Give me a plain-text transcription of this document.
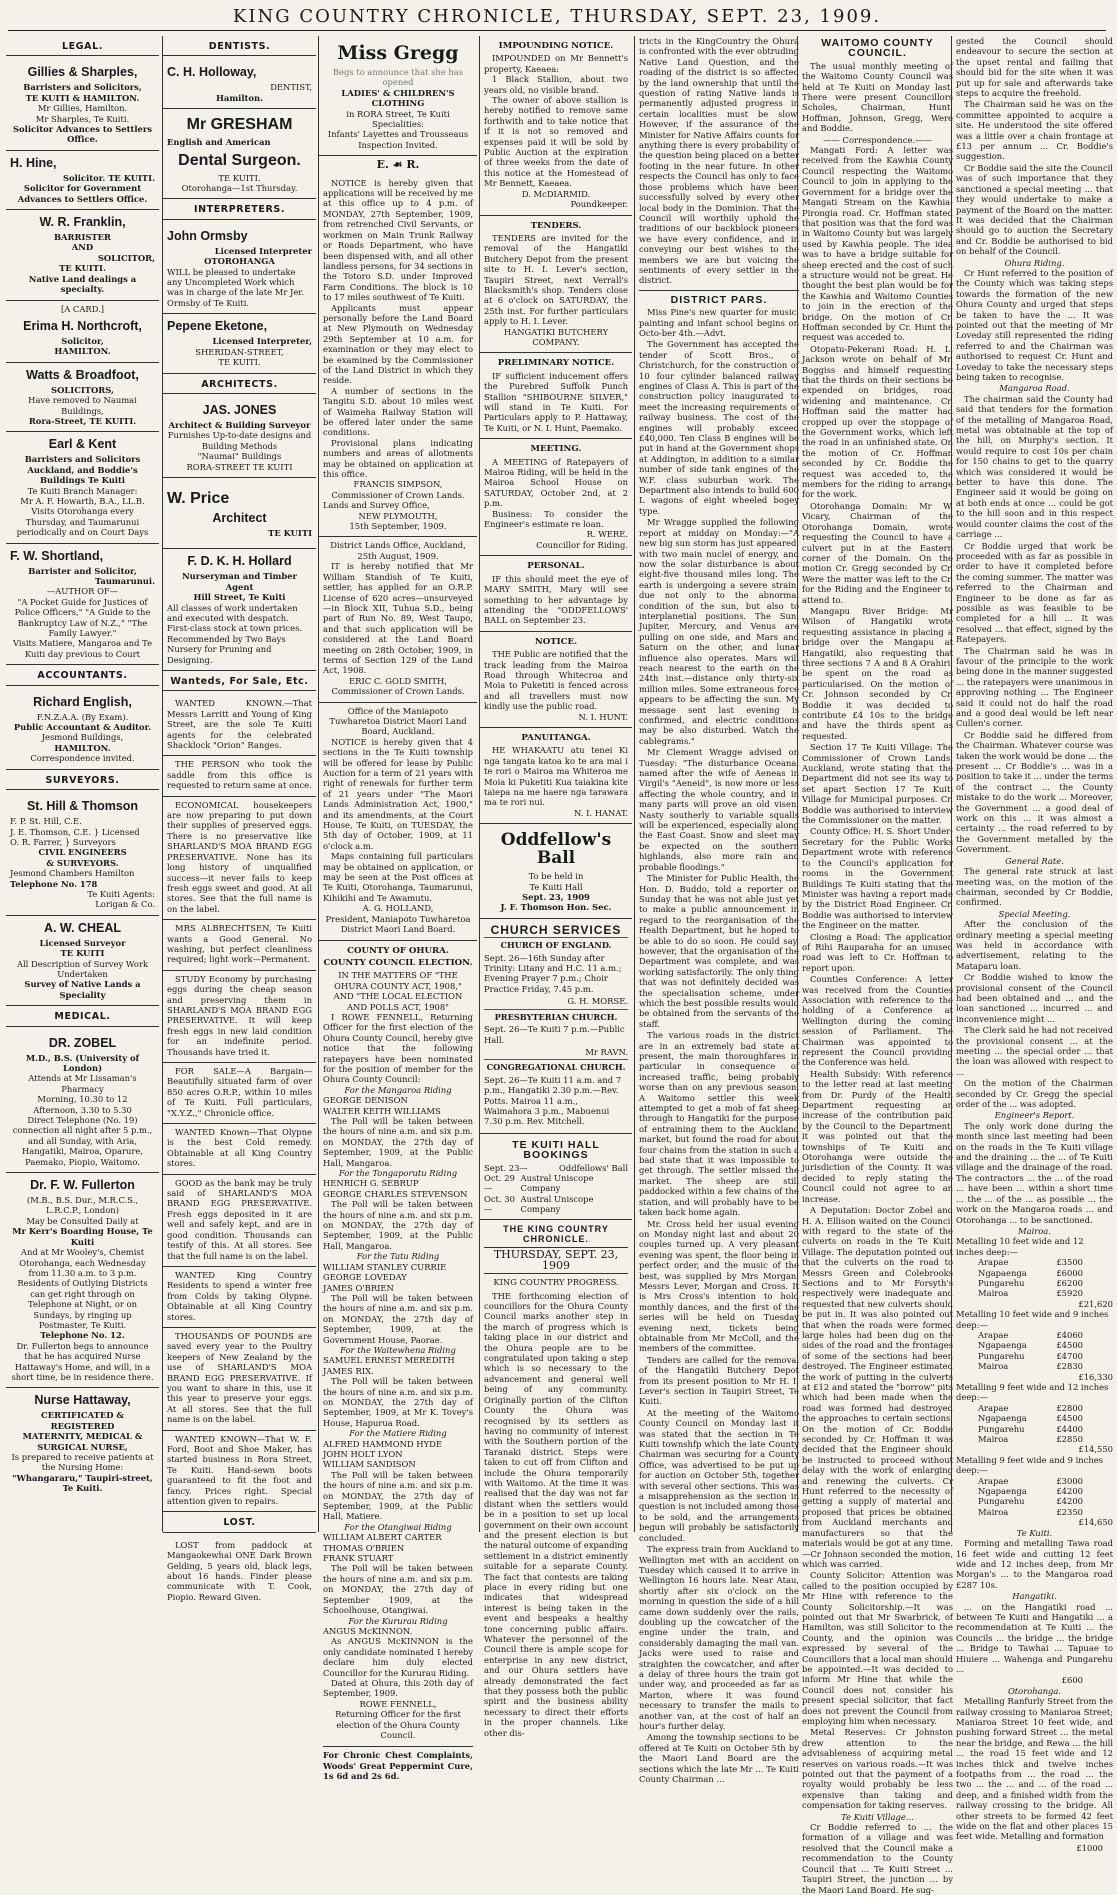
KING COUNTRY CHRONICLE, THURSDAY, SEPT. 23, 1909.
LEGAL.
Gillies & Sharples,
Barristers and Solicitors,
TE KUITI & HAMILTON.
Mr Gillies, Hamilton.
Mr Sharples, Te Kuiti.
Solicitor Advances to Settlers Office.
H. Hine,
Solicitor. TE KUITI.
Solicitor for Government Advances to Settlers Office.
W. R. Franklin,
BARRISTER
AND
SOLICITOR,
TE KUITI.
Native Land dealings a specialty.
[A CARD.]
Erima H. Northcroft,
Solicitor,
HAMILTON.
Watts & Broadfoot,
SOLICITORS,
Have removed to Naumai Buildings,
Rora-Street, TE KUITI.
Earl & Kent
Barristers and Solicitors
Auckland, and Boddie's Buildings Te Kuiti
Te Kuiti Branch Manager:
Mr A. F. Howarth, B.A., LL.B.
Visits Otorohanga every Thursday, and Taumarunui periodically and on Court Days
F. W. Shortland,
Barrister and Solicitor,
Taumarunui.
—AUTHOR OF—
"A Pocket Guide for Justices of Police Officers," "A Guide to the Bankruptcy Law of N.Z.," "The Family Lawyer."
Visits Matiere, Mangaroa and Te Kuiti day previous to Court
ACCOUNTANTS.
Richard English,
F.N.Z.A.A. (By Exam).
Public Accountant & Auditor.
Jesmond Buildings,
HAMILTON.
Correspondence invited.
SURVEYORS.
St. Hill & Thomson
F. P. St. Hill, C.E.
J. E. Thomson, C.E. } Licensed
O. R. Farrer, } Surveyors
CIVIL ENGINEERS
& SURVEYORS.
Jesmond Chambers Hamilton
Telephone No. 178
Te Kuiti Agents:
Lorigan & Co.
A. W. CHEAL
Licensed Surveyor
TE KUITI
All Description of Survey Work Undertaken
Survey of Native Lands a Speciality
MEDICAL.
DR. ZOBEL
M.D., B.S. (University of London)
Attends at Mr Lissaman's Pharmacy
Morning, 10.30 to 12
Afternoon, 3.30 to 5.30
Direct Telephone (No. 19) connection all night after 5 p.m., and all Sunday, with Aria, Hangatiki, Mairoa, Oparure, Paemako, Piopio, Waitomo.
Dr. F. W. Fullerton
(M.B., B.S. Dur., M.R.C.S., L.R.C.P., London)
May be Consulted Daily at
Mr Kerr's Boarding House, Te Kuiti
And at Mr Wooley's, Chemist Otorohanga, each Wednesday from 11.30 a.m. to 3 p.m.
Residents of Outlying Districts can get right through on Telephone at Night, or on Sundays, by ringing up Postmaster, Te Kuiti.
Telephone No. 12.
Dr. Fullerton begs to announce that he has acquired Nurse Hattaway's Home, and will, in a short time, be in residence there.
Nurse Hattaway,
CERTIFICATED & REGISTERED
MATERNITY, MEDICAL & SURGICAL NURSE,
Is prepared to receive patients at the Nursing Home:
"Whangararu," Taupiri-street, Te Kuiti.
DENTISTS.
C. H. Holloway,
DENTIST,
Hamilton.
Mr GRESHAM
English and American
Dental Surgeon.
TE KUITI.
Otorohanga—1st Thursday.
INTERPRETERS.
John Ormsby
Licensed Interpreter
OTOROHANGA
WILL be pleased to undertake any Uncompleted Work which was in charge of the late Mr Jer. Ormsby of Te Kuiti.
Pepene Eketone,
Licensed Interpreter,
SHERIDAN-STREET,
TE KUITI.
ARCHITECTS.
JAS. JONES
Architect & Building Surveyor
Furnishes Up-to-date designs and Building Methods
"Naumai" Buildings
RORA-STREET TE KUITI
W. Price
Architect
TE KUITI
F. D. K. H. Hollard
Nurseryman and Timber Agent
Hill Street, Te Kuiti
All classes of work undertaken and executed with despatch. First-class stock at town prices. Recommended by Two Bays Nursery for Pruning and Designing.
Wanteds, For Sale, Etc.

WANTED KNOWN.—That Messrs Larritt and Young of King Street, are the sole Te Kuiti agents for the celebrated Shacklock "Orion" Ranges.

THE PERSON who took the saddle from this office is requested to return same at once.

ECONOMICAL housekeepers are now preparing to put down their supplies of preserved eggs. There is no preservative like SHARLAND'S MOA BRAND EGG PRESERVATIVE. None has its long history of unqualified success—it never fails to keep fresh eggs sweet and good. At all stores. See that the full name is on the label.

MRS ALBRECHTSEN, Te Kuiti wants a Good General. No washing, but perfect cleanliness required; light work—Permanent.

STUDY Economy by purchasing eggs during the cheap season and preserving them in SHARLAND'S MOA BRAND EGG PRESERVATIVE. It will keep fresh eggs in new laid condition for an indefinite period. Thousands have tried it.

FOR SALE—A Bargain—Beautifully situated farm of over 850 acres O.R.P., within 10 miles of Te Kuiti. Full particulars, "X.Y.Z.," Chronicle office.

WANTED Known—That Olypne is the best Cold remedy. Obtainable at all King Country stores.

GOOD as the bank may be truly said of SHARLAND'S MOA BRAND EGG PRESERVATIVE. Fresh eggs deposited in it are well and safely kept, and are in good condition. Thousands can testify of this. At all stores. See that the full name is on the label.

WANTED King Country Residents to spend a winter free from Colds by taking Olypne. Obtainable at all King Country stores.

THOUSANDS OF POUNDS are saved every year to the Poultry keepers of New Zealand by the use of SHARLAND'S MOA BRAND EGG PRESERVATIVE. If you want to share in this, use it this year to preserve your eggs. At all stores. See that the full name is on the label.

WANTED KNOWN—That W. F. Ford, Boot and Shoe Maker, has started business in Rora Street, Te Kuiti. Hand-sewn boots guaranteed to fit the foot and fancy. Prices right. Special attention given to repairs.

LOST.

LOST from paddock at Mangaokewhai ONE Dark Brown Gelding, 5 years old, black legs, about 16 hands. Finder please communicate with T. Cook, Piopio. Reward Given.

Miss Gregg
Begs to announce that she has opened
LADIES' & CHILDREN'S CLOTHING
in RORA Street, Te Kuiti
Specialities:
Infants' Layettes and Trousseaus Inspection Invited.
E. ☙ R.

NOTICE is hereby given that applications will be received by me at this office up to 4 p.m. of MONDAY, 27th September, 1909, from retrenched Civil Servants, or workmen on Main Trunk Railway or Roads Department, who have been dispensed with, and all other landless persons, for 34 sections in the Totoro S.D. under Improved Farm Conditions. The block is 10 to 17 miles southwest of Te Kuiti.

Applicants must appear personally before the Land Board at New Plymouth on Wednesday 29th September at 10 a.m. for examination or they may elect to be examined by the Commissioner of the Land District in which they reside.

A number of sections in the Tangitu S.D. about 10 miles west of Waimeha Railway Station will be offered later under the same conditions.

Provisional plans indicating numbers and areas of allotments may be obtained on application at this office.

FRANCIS SIMPSON,
Commissioner of Crown Lands.
Lands and Survey Office,
NEW PLYMOUTH,
15th September, 1909.
District Lands Office, Auckland, 25th August, 1909.

IT is hereby notified that Mr William Standish of Te Kuiti, settler, has applied for an O.R.P. License of 620 acres—unsurveyed—in Block XII, Tuhua S.D., being part of Run No. 89, West Taupo, and that such application will be considered at the Land Board meeting on 28th October, 1909, in terms of Section 129 of the Land Act, 1908.

ERIC C. GOLD SMITH,
Commissioner of Crown Lands.
Office of the Maniapoto Tuwharetoa District Maori Land Board, Auckland.

NOTICE is hereby given that 4 sections in the Te Kuiti township will be offered for lease by Public Auction for a term of 21 years with right of renewals for further term of 21 years under "The Maori Lands Administration Act, 1900," and its amendments, at the Court House, Te Kuiti, on TUESDAY, the 5th day of October, 1909, at 11 o'clock a.m.

Maps containing full particulars may be obtained on application, or may be seen at the Post offices at Te Kuiti, Otorohanga, Taumarunui, Kihikihi and Te Awamutu.

A. G. HOLLAND,
President, Maniapoto Tuwharetoa District Maori Land Board.
COUNTY OF OHURA.
COUNTY COUNCIL ELECTION.
IN THE MATTERS OF "THE OHURA COUNTY ACT, 1908," AND "THE LOCAL ELECTION AND POLLS ACT, 1908"

I ROWE FENNELL, Returning Officer for the first election of the Ohura County Council, hereby give notice that the following ratepayers have been nominated for the position of member for the Ohura County Council:

For the Mangaroa Riding
GEORGE DENISON
WALTER KEITH WILLIAMS

The Poll will be taken between the hours of nine a.m. and six p.m. on MONDAY, the 27th day of September, 1909, at the Public Hall, Mangaroa.

For the Tongaporutu Riding
HENRICH G. SEBRUP
GEORGE CHARLES STEVENSON

The Poll will be taken between the hours of nine a.m. and six p.m. on MONDAY, the 27th day of September, 1909, at the Public Hall, Mangaroa.

For the Tatu Riding
WILLIAM STANLEY CURRIE
GEORGE LOVEDAY
JAMES O'BRIEN

The Poll will be taken between the hours of nine a.m. and six p.m. on MONDAY, the 27th day of September, 1909, at the Government House, Paorae.

For the Waitewhena Riding
SAMUEL ERNEST MEREDITH
JAMES RIX.

The Poll will be taken between the hours of nine a.m. and six p.m. on MONDAY, the 27th day of September, 1909, at Mr K. Tovey's House, Hapurua Road.

For the Matiere Riding
ALFRED HAMMOND HYDE
JOHN HOLT LYON
WILLIAM SANDISON

The Poll will be taken between the hours of nine a.m. and six p.m. on MONDAY, the 27th day of September, 1909, at the Public Hall, Matiere.

For the Otangiwai Riding
WILLIAM ALBERT CARTER
THOMAS O'BRIEN
FRANK STUART

The Poll will be taken between the hours of nine a.m. and six p.m. on MONDAY, the 27th day of September 1909, at the Schoolhouse, Otangiwai.

For the Kururau Riding
ANGUS McKINNON.

As ANGUS McKINNON is the only candidate nominated I hereby declare him duly elected Councillor for the Kururau Riding.

Dated at Ohura, this 20th day of September, 1909.

ROWE FENNELL,
Returning Officer for the first election of the Ohura County Council.
For Chronic Chest Complaints, Woods' Great Peppermint Cure, 1s 6d and 2s 6d.
IMPOUNDING NOTICE.

IMPOUNDED on Mr Bennett's property, Kaeaea:

1 Black Stallion, about two years old, no visible brand.

The owner of above stallion is hereby notified to remove same forthwith and to take notice that if it is not so removed and expenses paid it will be sold by Public Auction at the expiration of three weeks from the date of this notice at the Homestead of Mr Bennett, Kaeaea.

D. McDIARMID.
Poundkeeper.
TENDERS.

TENDERS are invited for the removal of the Hangatiki Butchery Depot from the present site to H. I. Lever's section, Taupiri Street, next Verrall's Blacksmith's shop. Tenders close at 6 o'clock on SATURDAY, the 25th inst. For further particulars apply to H. I. Lever.

HANGATIKI BUTCHERY COMPANY.
PRELIMINARY NOTICE.

IF sufficient inducement offers the Purebred Suffolk Punch Stallion "SHIBOURNE SILVER," will stand in Te Kuiti. For Particulars apply to P. Hattaway, Te Kuiti, or N. I. Hunt, Paemako.

MEETING.

A MEETING of Ratepayers of Mairoa Riding, will be held in the Mairoa School House on SATURDAY, October 2nd, at 2 p.m.

Business: To consider the Engineer's estimate re loan.

R. WERE.
Councillor for Riding.
PERSONAL.

IF this should meet the eye of MARY SMITH, Mary will see something to her advantage by attending the "ODDFELLOWS' BALL on September 23.

NOTICE.

THE Public are notified that the track leading from the Mairoa Road through Whitecroa and Moia to Puketiti is fenced across and all travellers must now kindly use the public road.

N. I. HUNT.
PANUITANGA.

HE WHAKAATU atu tenei Ki nga tangata katoa ko te ara mai i te rori o Mairoa ma Whiteroa me Moia ki Puketiti Kua taiakina kite taiepa na me haere nga tarawara ma te rori nui.

N. I. HANAT.
Oddfellow's Ball
To be held in
Te Kuiti Hall
Sept. 23, 1909
J. F. Thomson Hon. Sec.
CHURCH SERVICES
CHURCH OF ENGLAND.

Sept. 26—16th Sunday after Trinity: Litany and H.C. 11 a.m.; Evening Prayer 7 p.m.; Choir Practice Friday, 7.45 p.m.

G. H. MORSE.
PRESBYTERIAN CHURCH.

Sept. 26—Te Kuiti 7 p.m.—Public Hall.

Mr RAVN.
CONGREGATIONAL CHURCH.

Sept. 26—Te Kuiti 11 a.m. and 7 p.m., Hangatiki 2.30 p.m.—Rev. Potts. Mairoa 11 a.m., Waimahora 3 p.m., Mabuenui 7.30 p.m. Rev. Mitchell.

TE KUITI HALL BOOKINGS
Sept. 23—	Oddfellows' Ball
Oct. 29—
Austral Uniscope Company
Oct. 30—
Austral Uniscope Company
THE KING COUNTRY CHRONICLE.
THURSDAY, SEPT. 23, 1909
KING COUNTRY PROGRESS.

THE forthcoming election of councillors for the Ohura County Council marks another step in the march of progress which is taking place in our district and the Ohura people are to be congratulated upon taking a step which is so necessary to the advancement and general well being of any community. Originally portion of the Clifton County the Ohura was recognised by its settlers as having no community of interest with the Southern portion of the Taranaki district. Steps were taken to cut off from Clifton and include the Ohura temporarily with Waitomo. At the time it was realised that the day was not far distant when the settlers would be in a position to set up local government on their own account and the present election is but the natural outcome of expanding settlement in a district eminently suitable for a separate County. The fact that contests are taking place in every riding but one indicates that widespread interest is being taken in the event and bespeaks a healthy tone concerning public affairs. Whatever the personnel of the Council there is ample scope for enterprise in any new district, and our Ohura settlers have already demonstrated the fact that they possess both the public spirit and the business ability necessary to direct their efforts in the proper channels. Like other dis-

tricts in the KingCountry the Ohura is confronted with the ever obtruding Native Land Question, and the roading of the district is so affected by the land ownership that until the question of rating Native lands is permanently adjusted progress in certain localities must be slow. However, if the assurance of the Minister for Native Affairs counts for anything there is every probability of the question being placed on a better footing in the near future. In other respects the Council has only to face those problems which have been successfully solved by every other local body in the Dominion. That the Council will worthily uphold the traditions of our backblock pioneers we have every confidence, and in conveying our best wishes to the members we are but voicing the sentiments of every settler in the district.

DISTRICT PARS.

Miss Pine's new quarter for music, painting and infant school begins on Octo-ber 4th.—Advt.

The Government has accepted the tender of Scott Bros., of Christchurch, for the construction of 10 four cylinder balanced railway engines of Class A. This is part of the construction policy inaugurated to meet the increasing requirements of railway business. The cost of the engines will probably exceed £40,000. Ten Class B engines will be put in hand at the Government shops at Addington, in addition to a similar number of side tank engines of the W.F. class suburban work. The Department also intends to build 600 L wagons of eight wheeled bogey type.

Mr Wragge supplied the following report at midday on Monday:—"A new big sun storm has just appeared, with two main nuclei of energy, and now the solar disturbance is about eight-five thousand miles long. The earth is undergoing a severe strain, due not only to the abnormal condition of the sun, but also to interplanetial positions. The Sun, Jupiter, Mercury, and Venus are pulling on one side, and Mars and Saturn on the other, and lunar influence also operates. Mars will reach nearest to the earth on the 24th inst.—distance only thirty-six million miles. Some extraneous force appears to be affecting the sun. My message sent last evening is confirmed, and electric conditions may be also disturbed. Watch the cablegrams."

Mr Clement Wragge advised on Tuesday: "The disturbance Oceana, named after the wife of Aeneas in Virgil's "Aeneid", is now more or less affecting the whole country, and in many parts will prove an old visen. Nasty southerly to variable squalls will be experienced, especially along the East Coast. Snow and sleet may be expected on the southern highlands, also more rain and probable floodings."

The Minister for Public Health, the Hon. D. Buddo, told a reporter on Sunday that he was not able just yet to make a public announcement in regard to the reorganisation of the Health Department, but he hoped to be able to do so soon. He could say, however, that the organisation of the Department was complete, and was working satisfactorily. The only thing that was not definitely decided was the specialisation scheme, under which the best possible results would be obtained from the servants of the staff.

The various roads in the district are in an extremely bad state at present, the main thoroughfares in particular in consequence of increased traffic, being probably worse than on any previous season. A Waitomo settler this week attempted to get a mob of fat sheep through to Hangatiki for the purpose of entraining them to the Auckland market, but found the road for about four chains from the station in such a bad state that it was impossible to get through. The settler missed the market. The sheep are still paddocked within a few chains of the station, and will probably have to be taken back home again.

Mr. Cross held her usual evening on Monday night last and about 20 couples turned up. A very pleasant evening was spent, the floor being in perfect order, and the music of the best, was supplied by Mrs Morgan, Messrs Lever, Morgan and Cross. It is Mrs Cross's intention to hold monthly dances, and the first of the series will be held on Tuesday evening next, tickets being obtainable from Mr McColl, and the members of the committee.

Tenders are called for the removal of the Hangatiki Butchery Depot from its present position to Mr H. I. Lever's section in Taupiri Street, Te Kuiti.

At the meeting of the Waitomo County Council on Monday last it was stated that the section in Te Kuiti townshfp which the late County Chairman was securing for a County Office, was advertised to be put up for auction on October 5th, together with several other sections. This was a misapprehension as the section in question is not included among those to be sold, and the arrangements begun will probably be satisfactorily concluded.

The express train from Auckland to Wellington met with an accident on Tuesday which caused it to arrive in Wellington 16 hours late. Near Atau, shortly after six o'clock on the morning in question the side of a hill came down suddenly over the rails, doubling up the cowcatcher of the engine under the train, and considerably damaging the mail van. Jacks were used to raise and straighten the cowcatcher, and after a delay of three hours the train got under way, and proceeded as far as Marton, where it was found necessary to transfer the mails to another van, at the cost of half an hour's further delay.

Among the township sections to be offered at Te Kuiti on October 5th by the Maori Land Board are the sections which the late Mr ... Te Kuiti County Chairman ...

WAITOMO COUNTY COUNCIL.

The usual monthly meeting of the Waitomo County Council was held at Te Kuiti on Monday last. There were present Councillors Scholes, Chairman, Hunt, Hoffman, Johnson, Gregg, Were and Boddie.

—— Correspondence.——

Mangati Ford: A letter was received from the Kawhia County Council respecting the Waitomo Council to join in applying to the Government for a bridge over the Mangati Stream on the Kawhia-Pirongia road. Cr. Hoffman stated that position was that the ford was in Waitomo County but was largely used by Kawhia people. The idea was to have a bridge suitable for sheep erected and the cost of such a structure would not be great. He thought the best plan would be for the Kawhia and Waitomo Counties to join in the erection of the bridge. On the motion of Cr. Hoffman seconded by Cr. Hunt the request was acceded to.

Otopatu-Pekerani Road: H. L. Jackson wrote on behalf of Mr. Boggiss and himself requesting that the thirds on their sections be expended on bridges, road widening and maintenance. Cr. Hoffman said the matter had cropped up over the stoppage of the Government works, which left the road in an unfinished state. On the motion of Cr. Hoffman seconded by Cr. Boddie the request was acceded to, the members for the riding to arrange for the work.

Otorohanga Domain: Mr W. Vicary, Chairman of the Otorohanga Domain, wrote requesting the Council to have a culvert put in at the Eastern corner of the Domain. On the motion Cr. Gregg seconded by Cr. Were the matter was left to the Cr. for the Riding and the Engineer to attend to.

Mangapu River Bridge: Mr Wilson of Hangatiki wrote requesting assistance in placing a bridge over the Mangapu at Hangatiki, also requesting that three sections 7 A and 8 A Orahiri, be spent on the road as particularised. On the motion of Cr. Johnson seconded by Cr. Boddie it was decided to contribute £4 10s to the bridge and have the thirds spent as requested.

Section 17 Te Kuiti Village: The Commissioner of Crown Lands, Auckland, wrote stating that the Department did not see its way to set apart Section 17 Te Kuiti Village for Municipal purposes. Cr. Boddie was authorised to interview the Commissioner on the matter.

County Office: H. S. Short Under-Secretary for the Public Works Department wrote with reference to the Council's application for rooms in the Government Buildings Te Kuiti stating that the Minister was having a report made by the District Road Engineer. Cr. Boddie was authorised to interview the Engineer on the matter.

Closing a Road: The application of Rihi Rauparaha for an unused road was left to Cr. Hoffman to report upon.

Counties Conference: A letter was received from the Counties Association with reference to the holding of a Conference at Wellington during the coming session of Parliament. The Chairman was appointed to represent the Council providing the Conference was held.

Health Subsidy: With reference to the letter read at last meeting from Dr. Purdy of the Health Department requesting an increase of the contribution paid by the Council to the Department, it was pointed out that the townships of Te Kuiti and Otorohanga were outside the jurisdiction of the County. It was decided to reply stating the Council could not agree to an increase.

A Deputation: Doctor Zobel and H. A. Ellison waited on the Council with regard to the state of the culverts on roads in the Te Kuiti Village. The deputation pointed out that the culverts on the road to Messrs Green and Colebrooks Sections and to Mr Forsyth's respectively were inadequate and requested that new culverts should be put in. It was also pointed out that when the roads were formed large holes had been dug on the sides of the road and the frontages of some of the sections had been destroyed. The Engineer estimated the work of putting in the culverts at £12 and stated the "borrow" pits which had been made when the road was formed had destroyed the approaches to certain sections. On the motion of Cr. Boddie seconded by Cr. Hoffman it was decided that the Engineer should be instructed to proceed without delay with the work of enlarging and renewing the culverts. Cr Hunt referred to the necessity of getting a supply of material and proposed that prices be obtained from Auckland merchants and manufacturers so that the materials would be got at any time.—Cr Johnson seconded the motion, which was carried.

County Solicitor: Attention was called to the position occupied by Mr Hine with reference to the County Solicitorship.—It was pointed out that Mr Swarbrick, of Hamilton, was still Solicitor to the County, and the opinion was expressed by several of the Councillors that a local man should be appointed.—It was decided to inform Mr Hine that while the Council does not consider his present special solicitor, that fact does not prevent the Council from employing him when necessary.

Metal Reserves: Cr Johnston drew attention to the advisableness of acquiring metal reserves on various roads.—It was pointed out that the payment of a royalty would probably be less expensive than taking and compensation for taking reserves.

Te Kuiti Village...

Cr Boddie referred to ... the formation of a village and was resolved that the Council make a recommendation to the County Council that ... Te Kuiti Street ... Taupiri Street, the junction ... by the Maori Land Board. He sug-

gested the Council should endeavour to secure the section at the upset rental and failing that should bid for the site when it was put up for sale and afterwards take steps to acquire the freehold.

The Chairman said he was on the committee appointed to acquire a site. He understood the site offered was a little over a chain frontage at £13 per annum ... Cr. Boddie's suggestion.

Cr Boddie said the site the Council was of such importance that they sanctioned a special meeting ... that they would undertake to make a payment of the Board on the matter. It was decided that the Chairman should go to auction the Secretary and Cr. Boddie be authorised to bid on behalf of the Council.

Ohura Riding.

Cr Hunt referred to the position of the County which was taking steps towards the formation of the new Ohura County and urged that steps be taken to have the ... It was pointed out that the meeting of Mr Loveday still represented the riding referred to and the Chairman was authorised to request Cr. Hunt and Loveday to take the necessary steps being taken to recognise.

Mangaroa Road.

The chairman said the County had said that tenders for the formation of the metalling of Mangaroa Road, metal was obtainable at the top of the hill, on Murphy's section. It would require to cost 10s per chain for 150 chains to get to the quarry which was considered it would be better to have this done. The Engineer said it would be going on at both ends at once ... could be got to the hill soon and in this respect would counter claims the cost of the carriage ...

Cr Boddie urged that work be proceeded with as far as possible in order to have it completed before the coming summer. The matter was referred to the Chairman and Engineer to be done as far as possible as was feasible to be completed for a hill ... It was resolved ... that effect, signed by the Ratepayers.

The Chairman said he was in favour of the principle to the work being done in the manner suggested ... the ratepayers were unanimous in approving nothing ... The Engineer said it could not do half the road and a good deal would be left near Cullen's corner.

Cr Boddie said he differed from the Chairman. Whatever course was taken the work would be done ... the present ... Cr Boddie's ... was in a position to take it ... under the terms of the contract ... the County mistake to do the work ... Moreover, the Government ... a good deal of work on this ... it was almost a certainty ... the road referred to by the Government metalled by the Government.

General Rate.

The general rate struck at last meeting was, on the motion of the chairman, seconded by Cr Boddie, confirmed.

Special Meeting.

After the conclusion of the ordinary meeting a special meeting was held in accordance with advertisement, relating to the Mataparu loan.

Cr Boddie wished to know the provisional consent of the Council had been obtained and ... and the loan sanctioned ... incurred ... and inconvenience might ...

The Clerk said he had not received the provisional consent ... at the meeting ... the special order ... that the loan was allowed with respect to ...

On the motion of the Chairman seconded by Cr. Gregg the special order of the ... was adopted.

Engineer's Report.

The only work done during the month since last meeting had been on the roads in the Te Kuiti village and the draining ... the ... of Te Kuiti village and the drainage of the road. The contractors ... the ... of the road ... have been ... within a short time ... the ... of the ... as possible ... the work on the Mangaroa roads ... and Otorohanga ... to be sanctioned.

Mairoa.
Metalling 10 feet wide and 12 inches deep:—
Arapae	£3500
Ngapaenga	£6000
Pungarehu	£6200
Mairoa	£5920
£21,620
Metalling 10 feet wide and 9 inches deep:—
Arapae	£4060
Ngapaenga	£4500
Pungarehu	£4700
Mairoa	£2830
£16,330
Metalling 9 feet wide and 12 inches deep:—
Arapae	£2800
Ngapaenga	£4500
Pungarehu	£4400
Mairoa	£2850
£14,550
Metalling 9 feet wide and 9 inches deep:—
Arapae	£3000
Ngapaenga	£4200
Pungarehu	£4200
Mairoa	£2350
£14,650
Te Kuiti.

Forming and metalling Tawa road 16 feet wide and cutting 12 feet wide and 12 inches deep, from Mr Morgan's ... to the Mangaroa road £287 10s.

Hangatiki.

... on the Hangatiki road ... between Te Kuiti and Hangatiki ... a recommendation at Te Kuiti ... the Councils ... the bridge ... the bridge ... Bridge to Tawhai ... Tapuae to Hiuiere ... Wahenga and Pungarehu ...

£600
Otorohanga.

Metalling Ranfurly Street from the railway crossing to Maniaroa Street; Maniaroa Street 10 feet wide, and pushing forward Street ... the metal near the bridge, and Rewa ... the hill ... the road 15 feet wide and 12 inches thick and twelve inches footpaths from ... the road ... the two ... the ... and ... of the road ... deep, and a finished width from the railway crossing to the bridge. All other streets to be formed 42 feet wide on the flat and other places 15 feet wide. Metalling and formation

£1000
